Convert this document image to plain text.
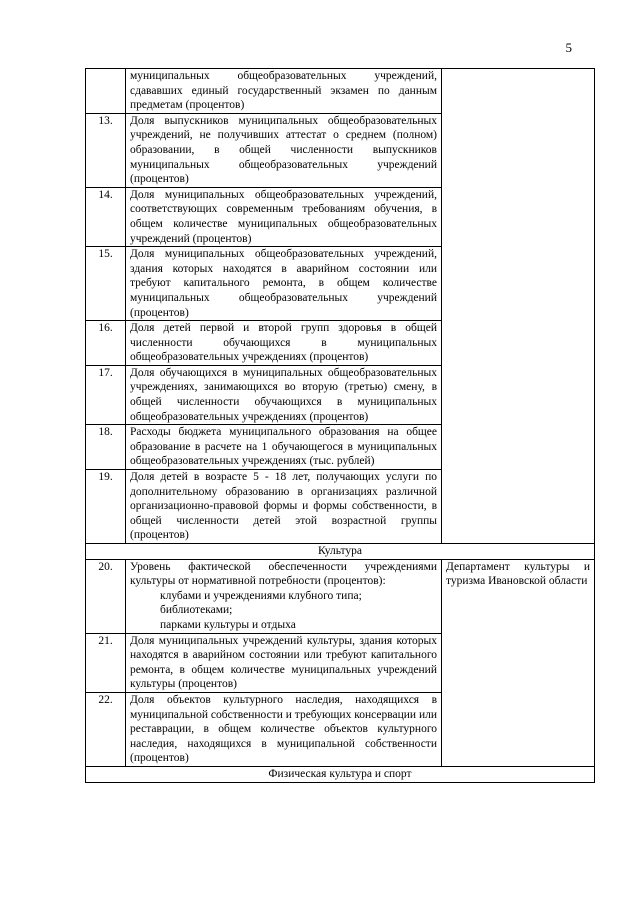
5
	муниципальных общеобразовательных учреждений, сдававших единый государственный экзамен по данным предметам (процентов)	
13.	Доля выпускников муниципальных общеобразовательных учреждений, не получивших аттестат о среднем (полном) образовании, в общей численности выпускников муниципальных общеобразовательных учреждений (процентов)	
14.	Доля муниципальных общеобразовательных учреждений, соответствующих современным требованиям обучения, в общем количестве муниципальных общеобразовательных учреждений (процентов)	
15.	Доля муниципальных общеобразовательных учреждений, здания которых находятся в аварийном состоянии или требуют капитального ремонта, в общем количестве муниципальных общеобразовательных учреждений (процентов)	
16.	Доля детей первой и второй групп здоровья в общей численности обучающихся в муниципальных общеобразовательных учреждениях (процентов)	
17.	Доля обучающихся в муниципальных общеобразовательных учреждениях, занимающихся во вторую (третью) смену, в общей численности обучающихся в муниципальных общеобразовательных учреждениях (процентов)	
18.	Расходы бюджета муниципального образования на общее образование в расчете на 1 обучающегося в муниципальных общеобразовательных учреждениях (тыс. рублей)	
19.	Доля детей в возрасте 5 - 18 лет, получающих услуги по дополнительному образованию в организациях различной организационно-правовой формы и формы собственности, в общей численности детей этой возрастной группы (процентов)	
Культура		
20.	Уровень фактической обеспеченности учреждениями культуры от нормативной потребности (процентов):
клубами и учреждениями клубного типа;
библиотеками;
парками культуры и отдыха	Департамент культуры и туризма Ивановской области
21.	Доля муниципальных учреждений культуры, здания которых находятся в аварийном состоянии или требуют капитального ремонта, в общем количестве муниципальных учреждений культуры (процентов)	
22.	Доля объектов культурного наследия, находящихся в муниципальной собственности и требующих консервации или реставрации, в общем количестве объектов культурного наследия, находящихся в муниципальной собственности (процентов)	
Физическая культура и спорт		
